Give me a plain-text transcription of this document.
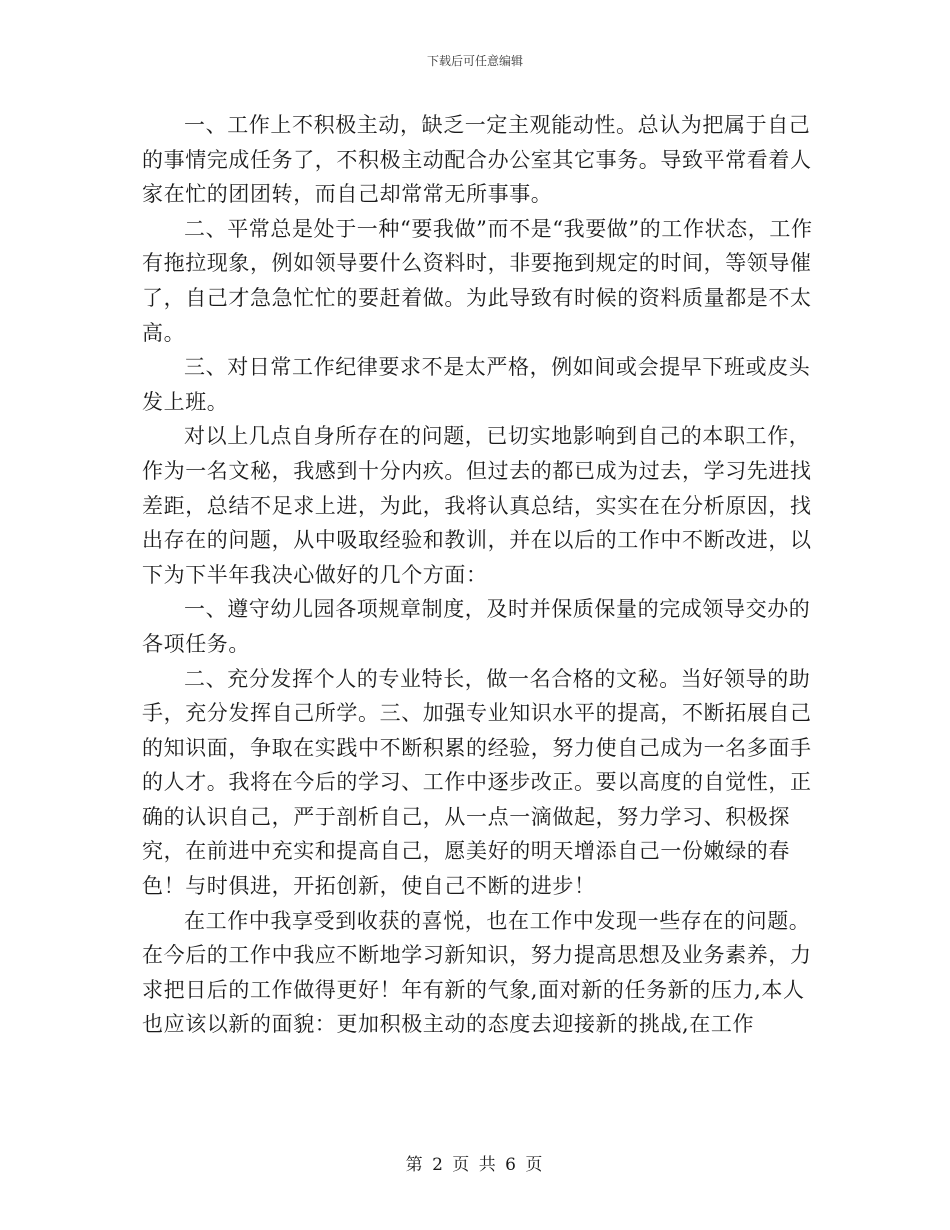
下载后可任意编辑

一、工作上不积极主动，缺乏一定主观能动性。总认为把属于自己的事情完成任务了，不积极主动配合办公室其它事务。导致平常看着人家在忙的团团转，而自己却常常无所事事。

二、平常总是处于一种“要我做”而不是“我要做”的工作状态，工作有拖拉现象，例如领导要什么资料时，非要拖到规定的时间，等领导催了，自己才急急忙忙的要赶着做。为此导致有时候的资料质量都是不太高。

三、对日常工作纪律要求不是太严格，例如间或会提早下班或皮头发上班。

对以上几点自身所存在的问题，已切实地影响到自己的本职工作，作为一名文秘，我感到十分内疚。但过去的都已成为过去，学习先进找差距，总结不足求上进，为此，我将认真总结，实实在在分析原因，找出存在的问题，从中吸取经验和教训，并在以后的工作中不断改进，以下为下半年我决心做好的几个方面：

一、遵守幼儿园各项规章制度，及时并保质保量的完成领导交办的各项任务。

二、充分发挥个人的专业特长，做一名合格的文秘。当好领导的助手，充分发挥自己所学。三、加强专业知识水平的提高，不断拓展自己的知识面，争取在实践中不断积累的经验，努力使自己成为一名多面手的人才。我将在今后的学习、工作中逐步改正。要以高度的自觉性，正确的认识自己，严于剖析自己，从一点一滴做起，努力学习、积极探究，在前进中充实和提高自己，愿美好的明天增添自己一份嫩绿的春色！与时俱进，开拓创新，使自己不断的进步！

在工作中我享受到收获的喜悦，也在工作中发现一些存在的问题。

在今后的工作中我应不断地学习新知识，努力提高思想及业务素养，力求把日后的工作做得更好！年有新的气象,面对新的任务新的压力,本人也应该以新的面貌：更加积极主动的态度去迎接新的挑战,在工作

第 2 页 共 6 页
